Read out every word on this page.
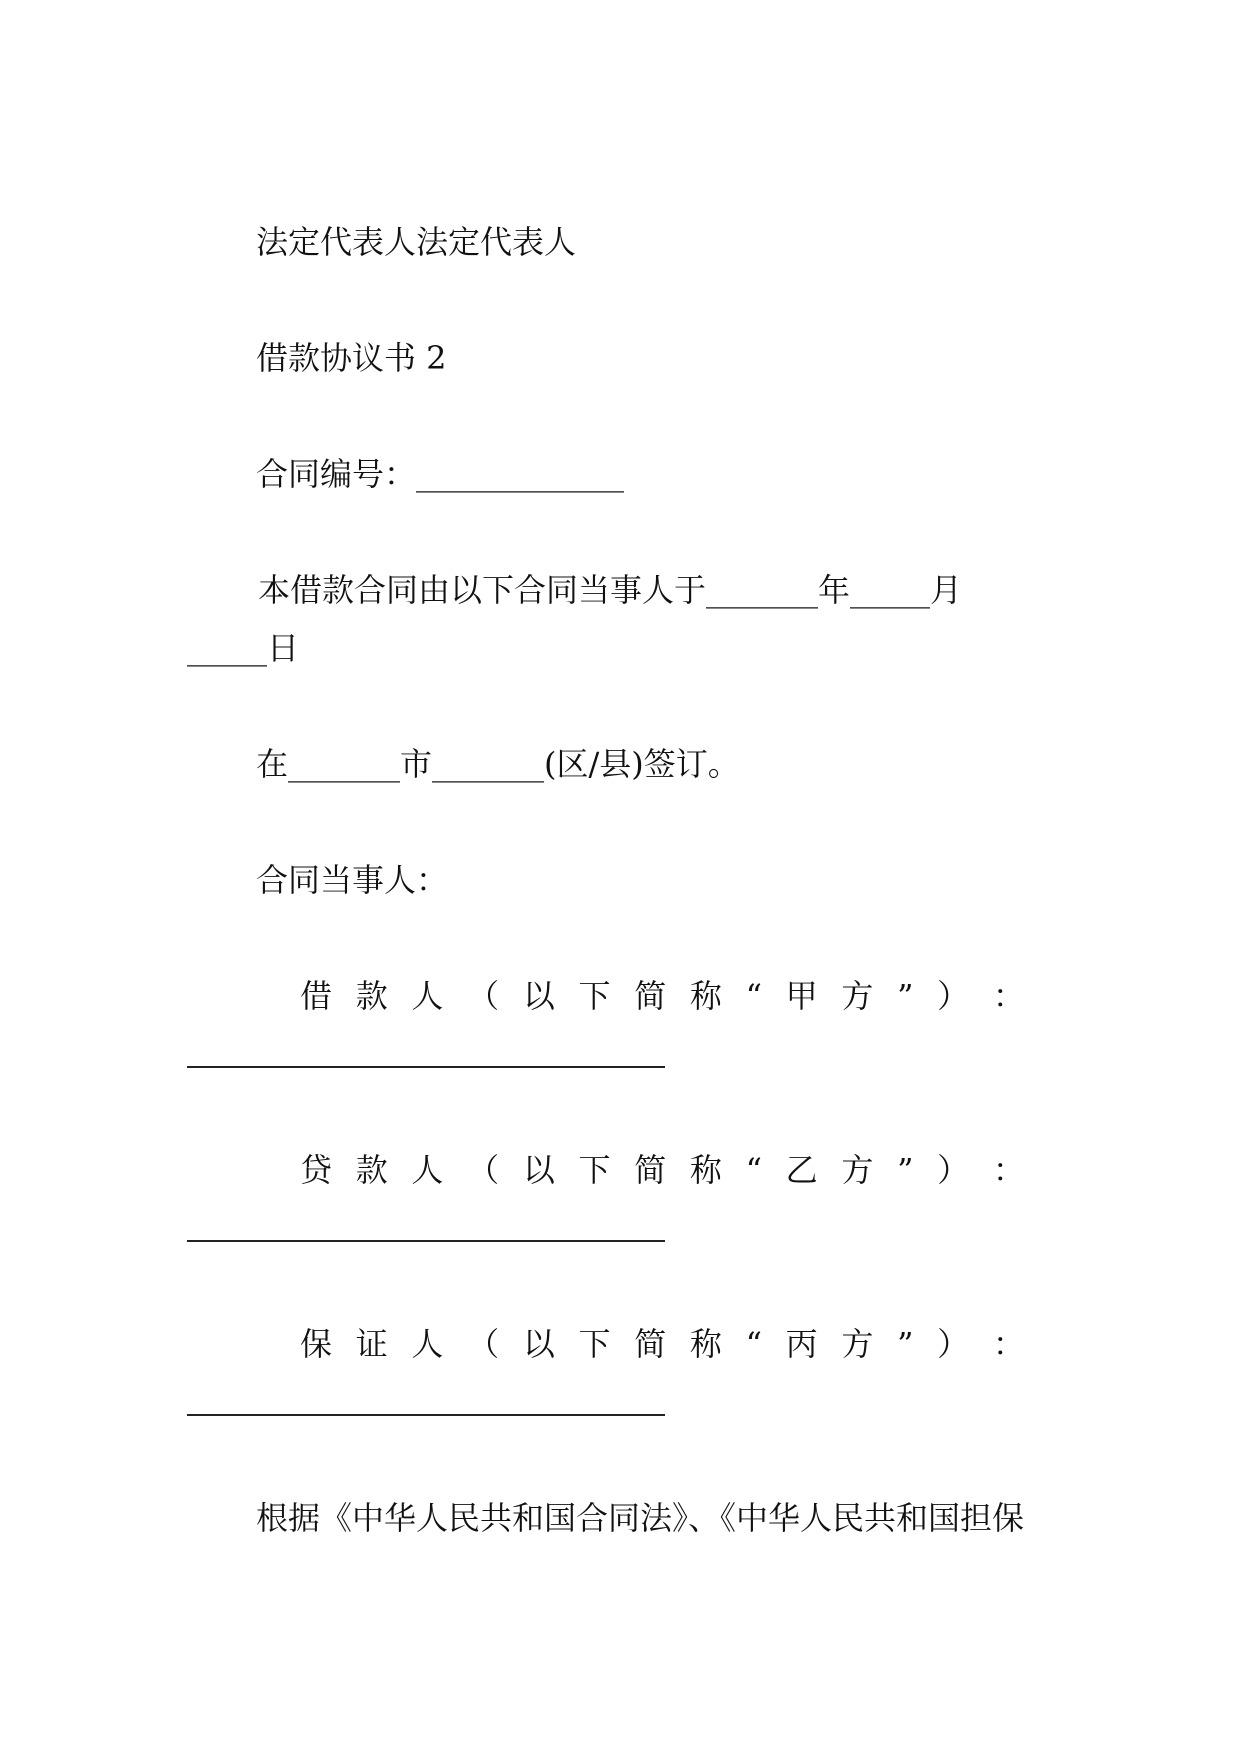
法定代表人法定代表人
借款协议书 2
合同编号：_____________
本借款合同由以下合同当事人于_______年_____月
_____日
在_______市_______(区/县)签订。
合同当事人：
借 款 人 （ 以 下 简 称 “ 甲 方 ” ） ：
贷 款 人 （ 以 下 简 称 “ 乙 方 ” ） ：
保 证 人 （ 以 下 简 称 “ 丙 方 ” ） ：
根据《中华人民共和国合同法》、《中华人民共和国担保
